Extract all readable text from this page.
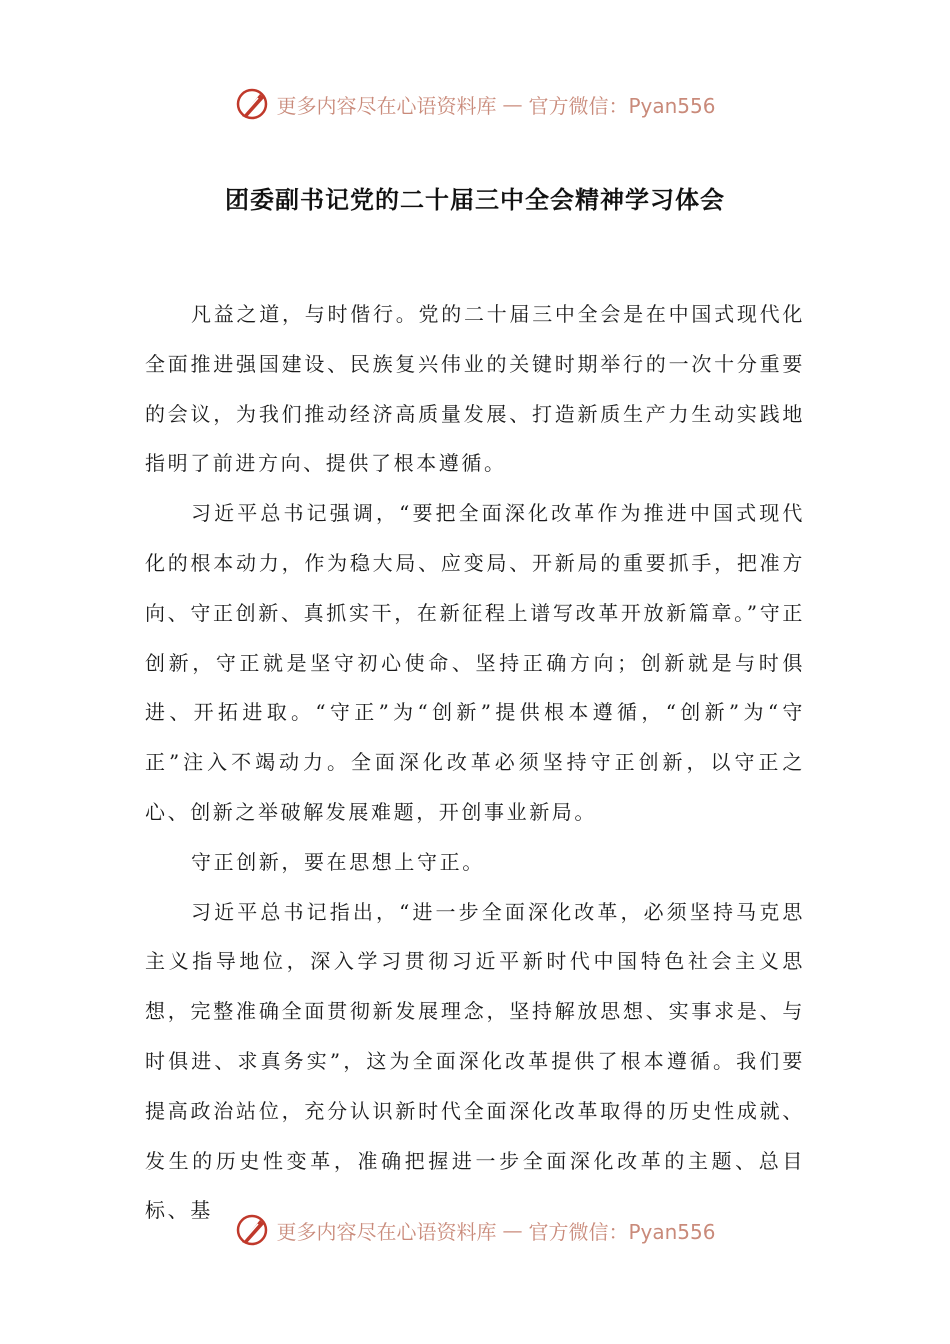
更多内容尽在心语资料库 — 官方微信：Pyan556
团委副书记党的二十届三中全会精神学习体会

凡益之道，与时偕行。党的二十届三中全会是在中国式现代化全面推进强国建设、民族复兴伟业的关键时期举行的一次十分重要的会议，为我们推动经济高质量发展、打造新质生产力生动实践地指明了前进方向、提供了根本遵循。

习近平总书记强调，“要把全面深化改革作为推进中国式现代化的根本动力，作为稳大局、应变局、开新局的重要抓手，把准方向、守正创新、真抓实干，在新征程上谱写改革开放新篇章。”守正创新，守正就是坚守初心使命、坚持正确方向；创新就是与时俱进、开拓进取。“守正”为“创新”提供根本遵循，“创新”为“守正”注入不竭动力。全面深化改革必须坚持守正创新，以守正之心、创新之举破解发展难题，开创事业新局。

守正创新，要在思想上守正。

习近平总书记指出，“进一步全面深化改革，必须坚持马克思主义指导地位，深入学习贯彻习近平新时代中国特色社会主义思想，完整准确全面贯彻新发展理念，坚持解放思想、实事求是、与时俱进、求真务实”，这为全面深化改革提供了根本遵循。我们要提高政治站位，充分认识新时代全面深化改革取得的历史性成就、发生的历史性变革，准确把握进一步全面深化改革的主题、总目标、基

更多内容尽在心语资料库 — 官方微信：Pyan556
